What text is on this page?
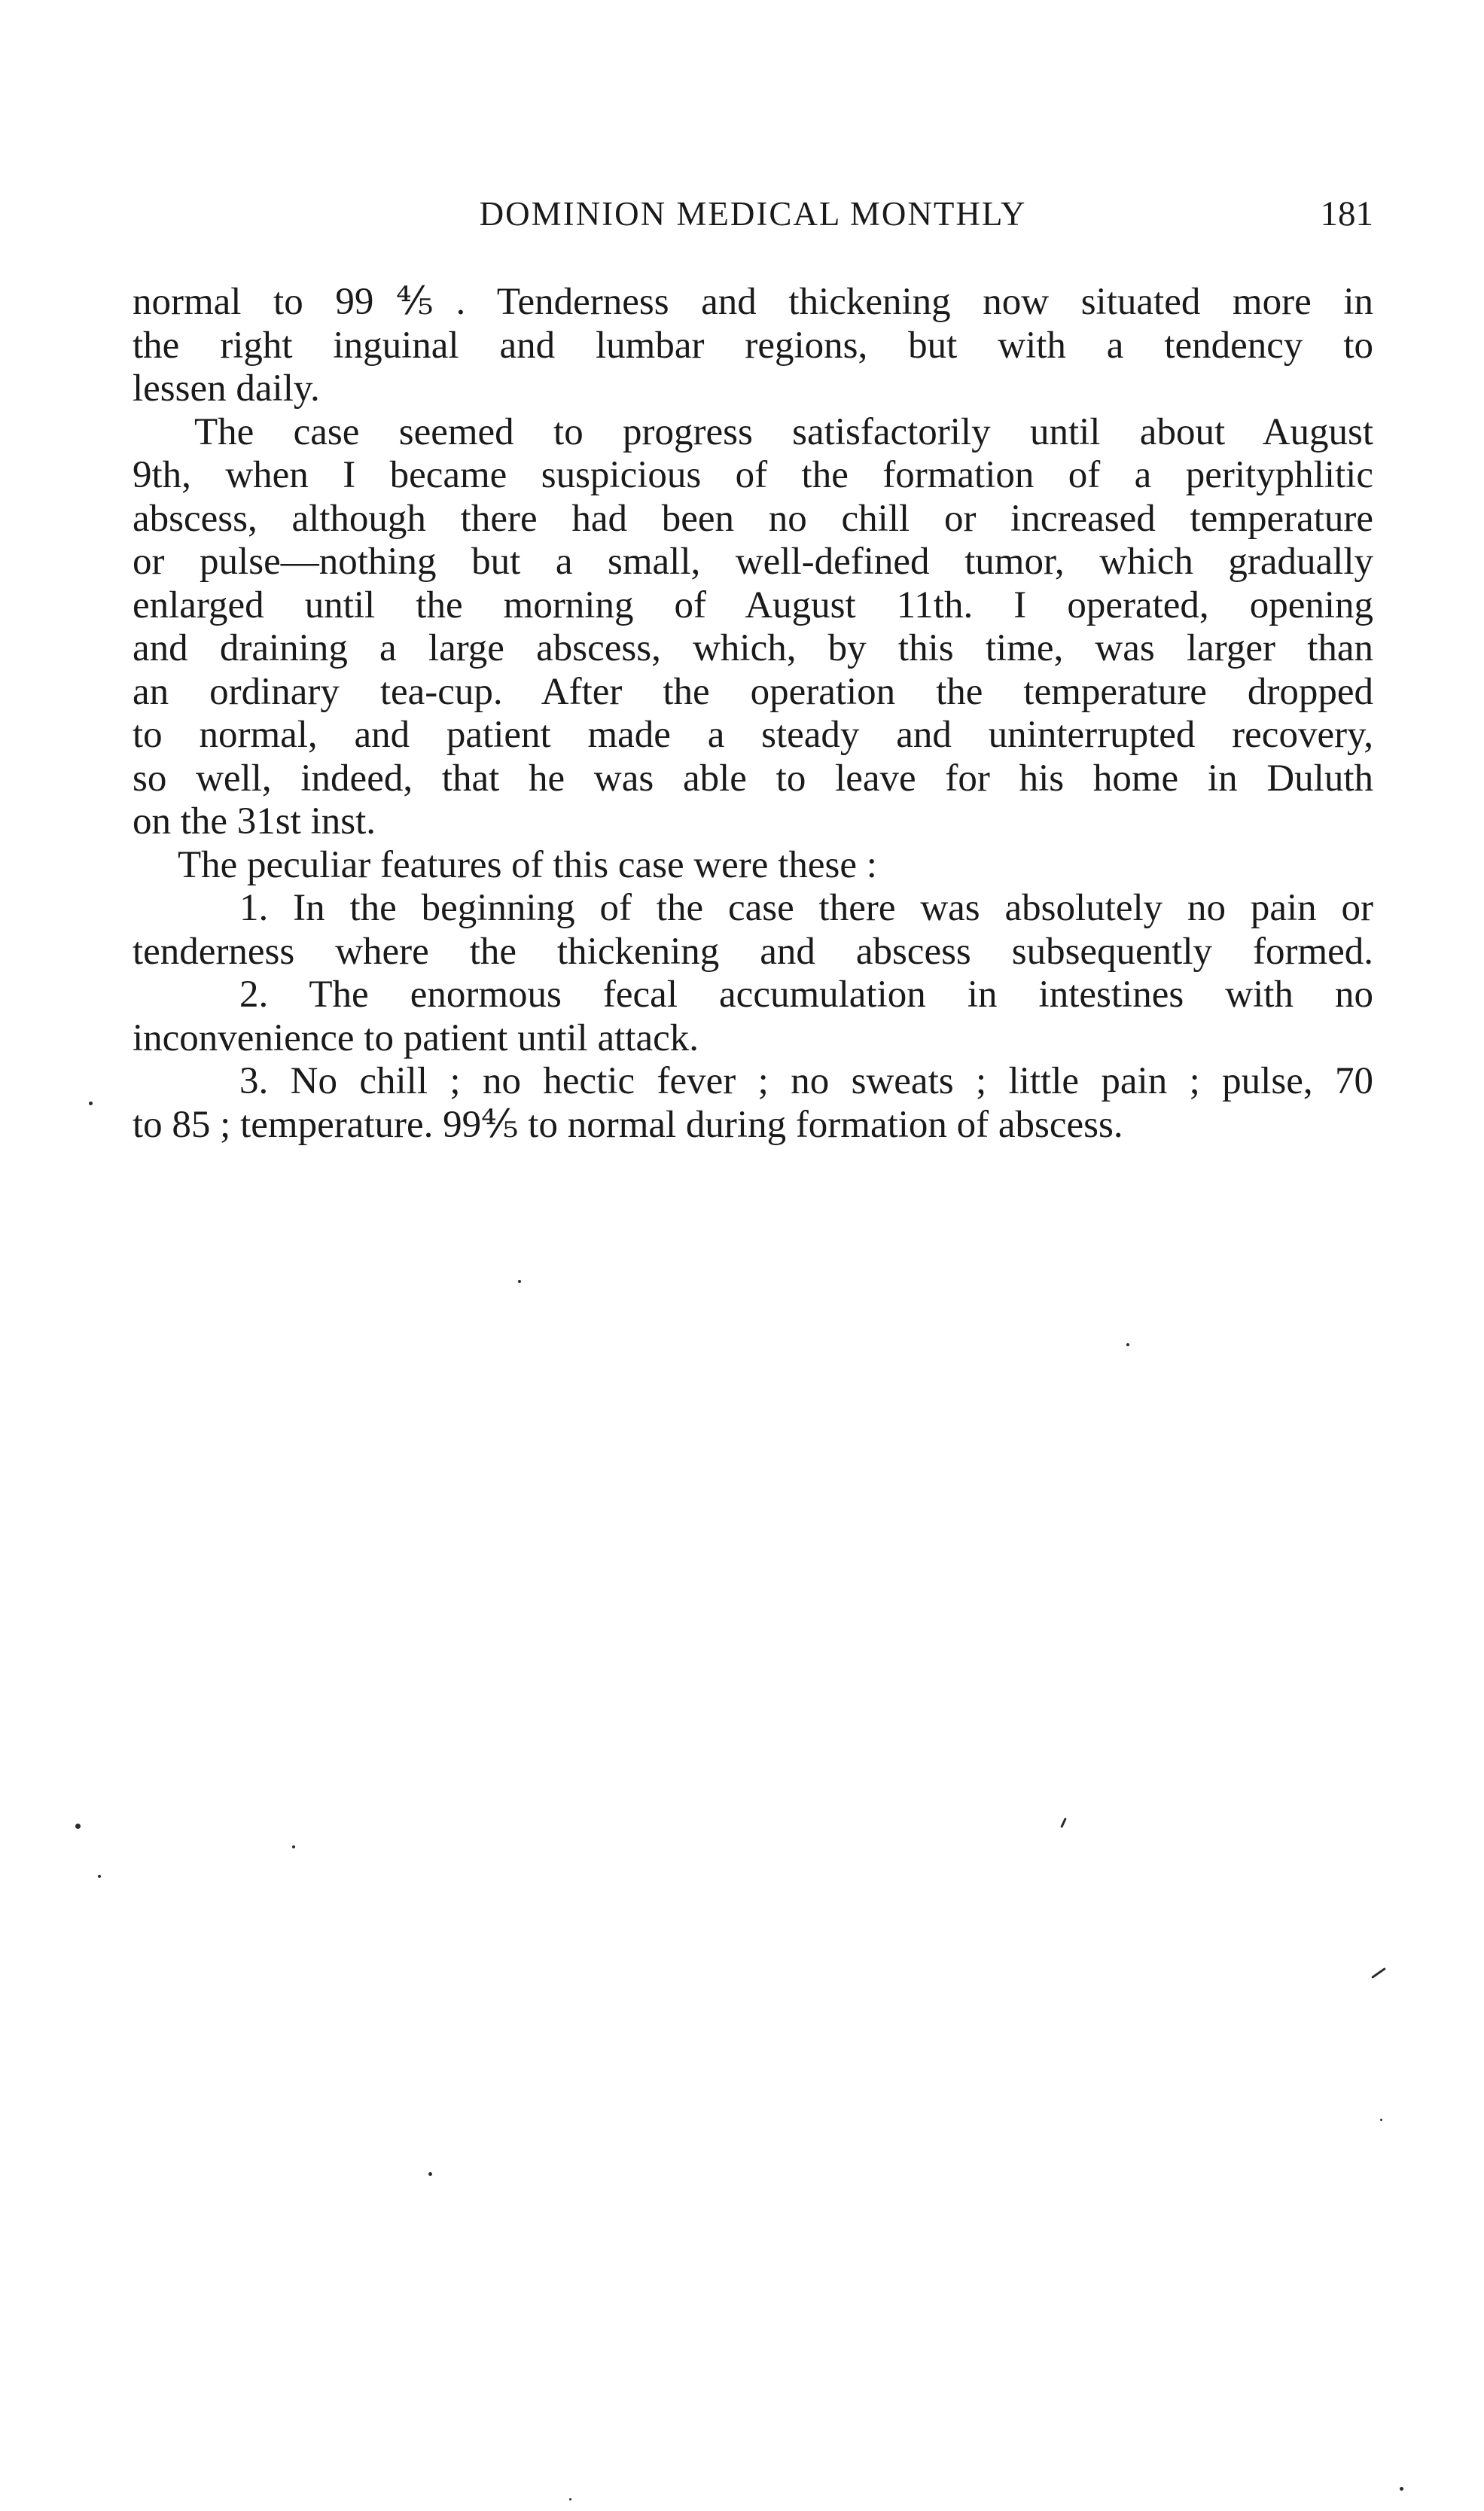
DOMINION MEDICAL MONTHLY	181
normal to 99⅘. Tenderness and thickening now situated more in
the right inguinal and lumbar regions, but with a tendency to
lessen daily.
The case seemed to progress satisfactorily until about August
9th, when I became suspicious of the formation of a perityphlitic
abscess, although there had been no chill or increased temperature
or pulse—nothing but a small, well-defined tumor, which gradually
enlarged until the morning of August 11th. I operated, opening
and draining a large abscess, which, by this time, was larger than
an ordinary tea-cup. After the operation the temperature dropped
to normal, and patient made a steady and uninterrupted recovery,
so well, indeed, that he was able to leave for his home in Duluth
on the 31st inst.
The peculiar features of this case were these :
1. In the beginning of the case there was absolutely no pain or
tenderness where the thickening and abscess subsequently formed.
2. The enormous fecal accumulation in intestines with no
inconvenience to patient until attack.
3. No chill ; no hectic fever ; no sweats ; little pain ; pulse, 70
to 85 ; temperature. 99⅘ to normal during formation of abscess.
